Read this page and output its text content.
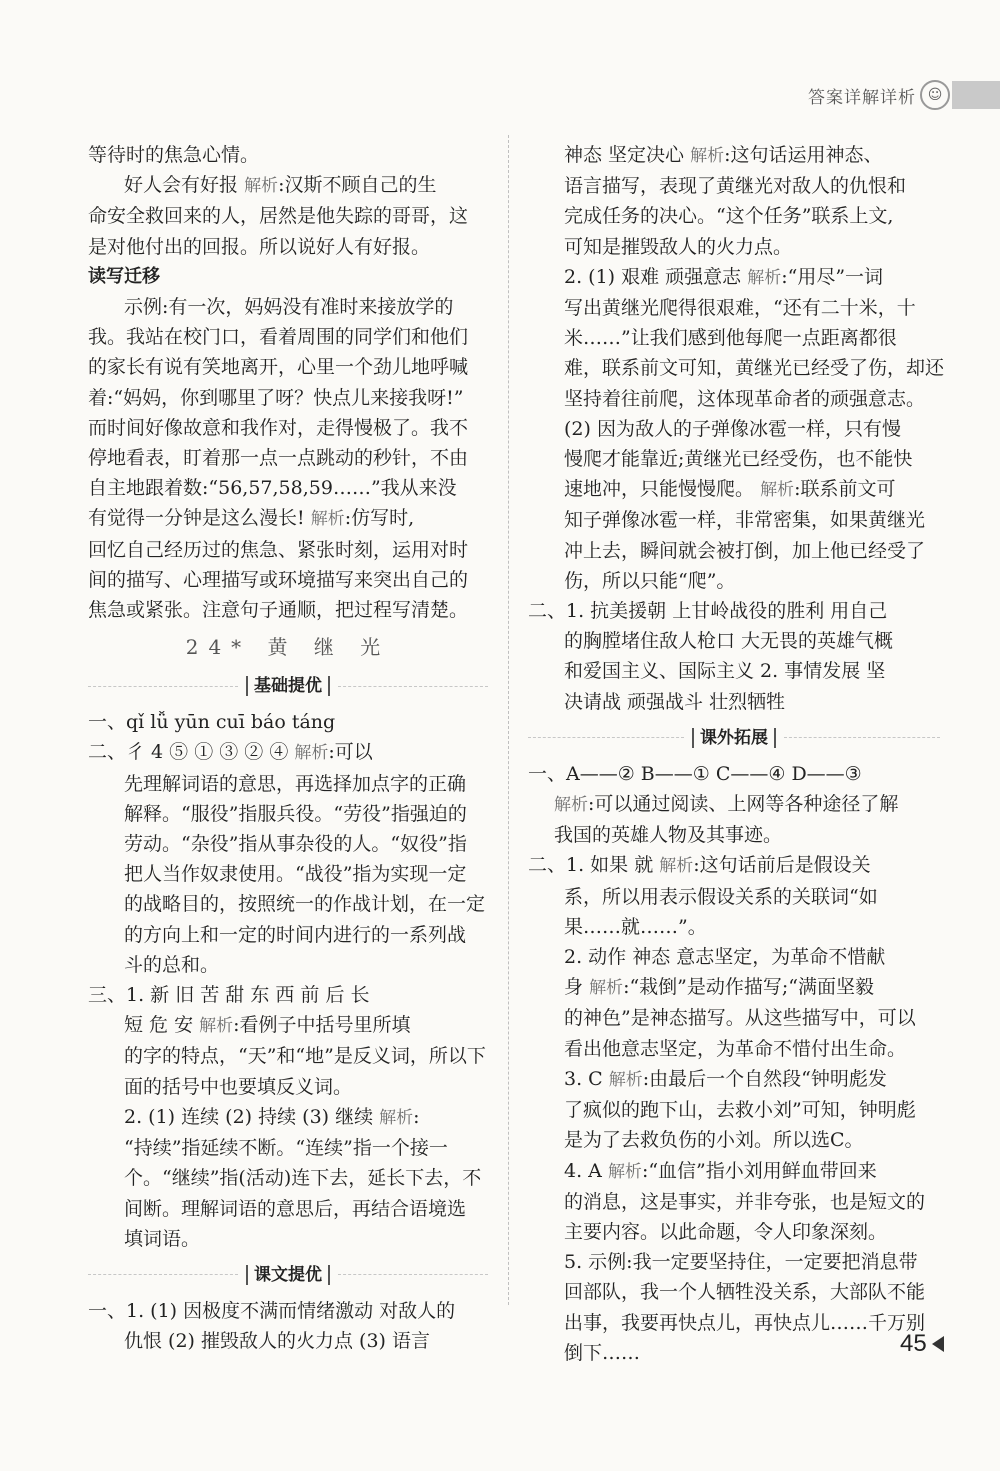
答案详解详析 ☺
等待时的焦急心情。
好人会有好报 解析:汉斯不顾自己的生
命安全救回来的人，居然是他失踪的哥哥，这
是对他付出的回报。所以说好人有好报。
读写迁移
示例:有一次，妈妈没有准时来接放学的
我。我站在校门口，看着周围的同学们和他们
的家长有说有笑地离开，心里一个劲儿地呼喊
着:“妈妈，你到哪里了呀？快点儿来接我呀!”
而时间好像故意和我作对，走得慢极了。我不
停地看表，盯着那一点一点跳动的秒针，不由
自主地跟着数:“56,57,58,59……”我从来没
有觉得一分钟是这么漫长! 解析:仿写时,
回忆自己经历过的焦急、紧张时刻，运用对时
间的描写、心理描写或环境描写来突出自己的
焦急或紧张。注意句子通顺，把过程写清楚。
24* 黄 继 光
基础提优
一、qǐ lǚ yūn cuī báo táng
二、彳 4 ⑤ ① ③ ② ④ 解析:可以
先理解词语的意思，再选择加点字的正确
解释。“服役”指服兵役。“劳役”指强迫的
劳动。“杂役”指从事杂役的人。“奴役”指
把人当作奴隶使用。“战役”指为实现一定
的战略目的，按照统一的作战计划，在一定
的方向上和一定的时间内进行的一系列战
斗的总和。
三、1. 新 旧 苦 甜 东 西 前 后 长
短 危 安 解析:看例子中括号里所填
的字的特点，“天”和“地”是反义词，所以下
面的括号中也要填反义词。
2. (1) 连续 (2) 持续 (3) 继续 解析:
“持续”指延续不断。“连续”指一个接一
个。“继续”指(活动)连下去，延长下去，不
间断。理解词语的意思后，再结合语境选
填词语。
课文提优
一、1. (1) 因极度不满而情绪激动 对敌人的
仇恨 (2) 摧毁敌人的火力点 (3) 语言
神态 坚定决心 解析:这句话运用神态、
语言描写，表现了黄继光对敌人的仇恨和
完成任务的决心。“这个任务”联系上文,
可知是摧毁敌人的火力点。
2. (1) 艰难 顽强意志 解析:“用尽”一词
写出黄继光爬得很艰难，“还有二十米，十
米……”让我们感到他每爬一点距离都很
难，联系前文可知，黄继光已经受了伤，却还
坚持着往前爬，这体现革命者的顽强意志。
(2) 因为敌人的子弹像冰雹一样，只有慢
慢爬才能靠近;黄继光已经受伤，也不能快
速地冲，只能慢慢爬。 解析:联系前文可
知子弹像冰雹一样，非常密集，如果黄继光
冲上去，瞬间就会被打倒，加上他已经受了
伤，所以只能“爬”。
二、1. 抗美援朝 上甘岭战役的胜利 用自己
的胸膛堵住敌人枪口 大无畏的英雄气概
和爱国主义、国际主义 2. 事情发展 坚
决请战 顽强战斗 壮烈牺牲
课外拓展
一、A——② B——① C——④ D——③
解析:可以通过阅读、上网等各种途径了解
我国的英雄人物及其事迹。
二、1. 如果 就 解析:这句话前后是假设关
系，所以用表示假设关系的关联词“如
果……就……”。
2. 动作 神态 意志坚定，为革命不惜献
身 解析:“栽倒”是动作描写;“满面坚毅
的神色”是神态描写。从这些描写中，可以
看出他意志坚定，为革命不惜付出生命。
3. C 解析:由最后一个自然段“钟明彪发
了疯似的跑下山，去救小刘”可知，钟明彪
是为了去救负伤的小刘。所以选C。
4. A 解析:“血信”指小刘用鲜血带回来
的消息，这是事实，并非夸张，也是短文的
主要内容。以此命题，令人印象深刻。
5. 示例:我一定要坚持住，一定要把消息带
回部队，我一个人牺牲没关系，大部队不能
出事，我要再快点儿，再快点儿……千万别
倒下……	45
